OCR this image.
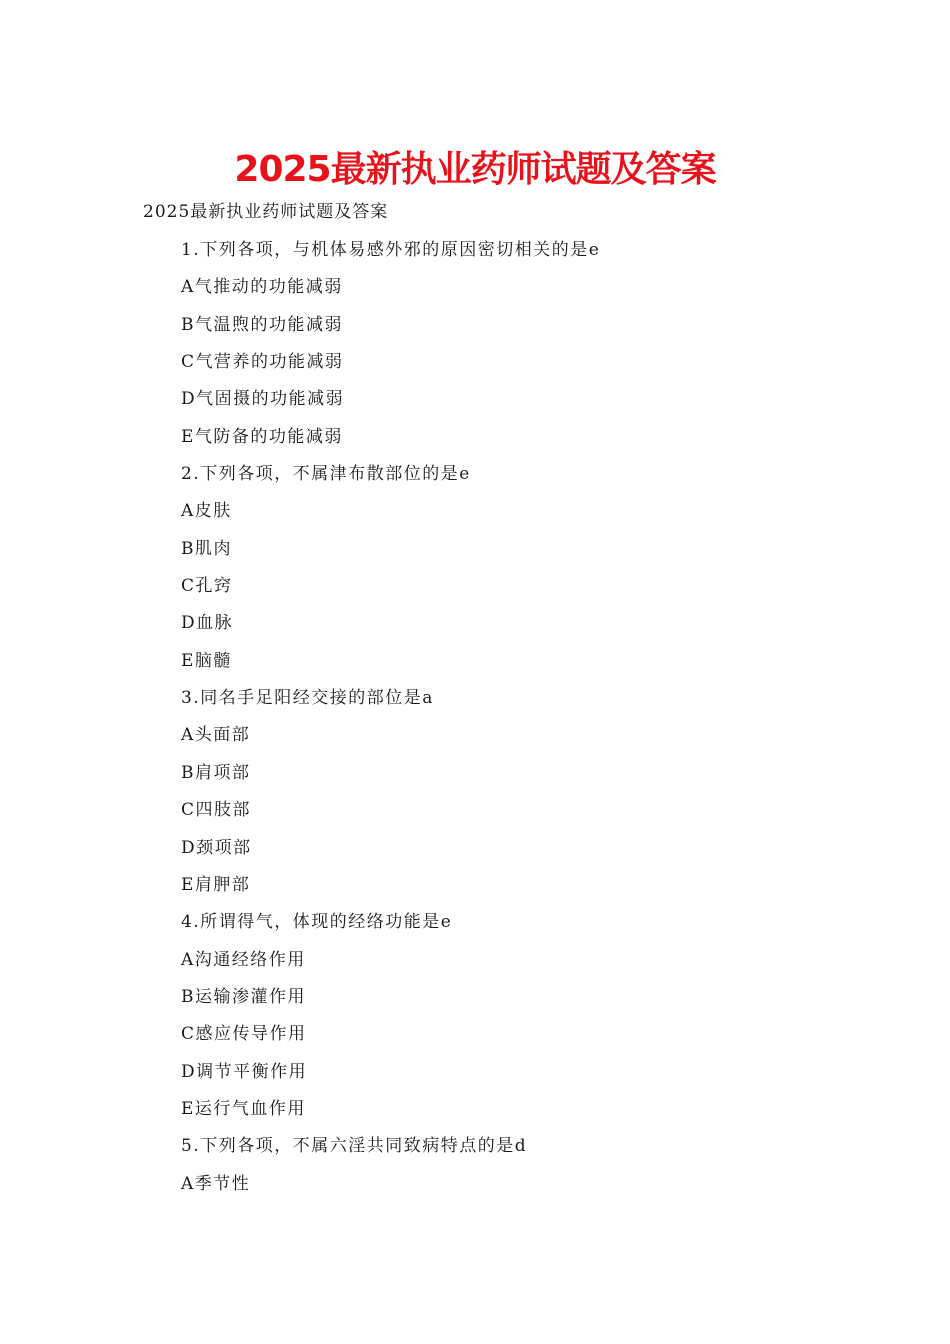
2025最新执业药师试题及答案
2025最新执业药师试题及答案
1.下列各项，与机体易感外邪的原因密切相关的是e
A气推动的功能减弱
B气温煦的功能减弱
C气营养的功能减弱
D气固摄的功能减弱
E气防备的功能减弱
2.下列各项，不属津布散部位的是e
A皮肤
B肌肉
C孔窍
D血脉
E脑髓
3.同名手足阳经交接的部位是a
A头面部
B肩项部
C四肢部
D颈项部
E肩胛部
4.所谓得气，体现的经络功能是e
A沟通经络作用
B运输渗灌作用
C感应传导作用
D调节平衡作用
E运行气血作用
5.下列各项，不属六淫共同致病特点的是d
A季节性
